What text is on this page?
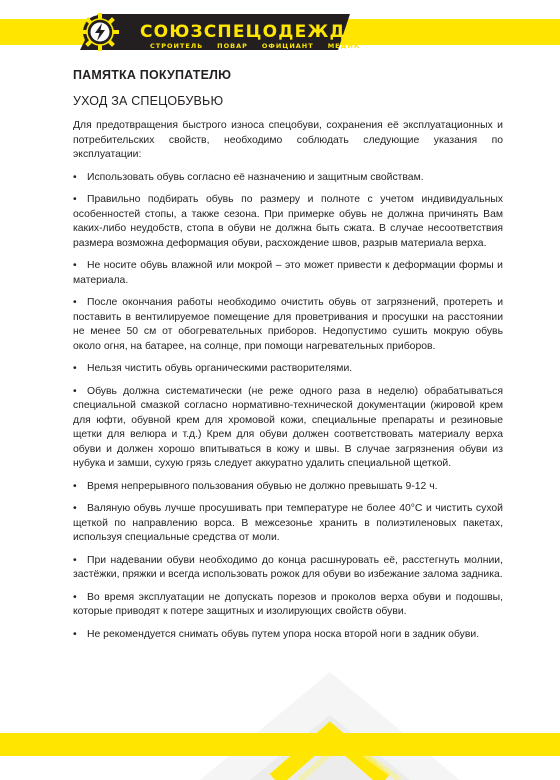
СОЮЗСПЕЦОДЕЖДА
СТРОИТЕЛЬ ПОВАР ОФИЦИАНТ МЕДИК
ПАМЯТКА ПОКУПАТЕЛЮ
УХОД ЗА СПЕЦОБУВЬЮ

Для предотвращения быстрого износа спецобуви, сохранения её эксплуатационных и потребительских свойств, необходимо соблюдать следующие указания по эксплуатации:

• Использовать обувь согласно её назначению и защитным свойствам.
• Правильно подбирать обувь по размеру и полноте с учетом индивидуальных особенностей стопы, а также сезона. При примерке обувь не должна причинять Вам каких-либо неудобств, стопа в обуви не должна быть сжата. В случае несоответствия размера возможна деформация обуви, расхождение швов, разрыв материала верха.
• Не носите обувь влажной или мокрой – это может привести к деформации формы и материала.
• После окончания работы необходимо очистить обувь от загрязнений, протереть и поставить в вентилируемое помещение для проветривания и просушки на расстоянии не менее 50 см от обогревательных приборов. Недопустимо сушить мокрую обувь около огня, на батарее, на солнце, при помощи нагревательных приборов.
• Нельзя чистить обувь органическими растворителями.
• Обувь должна систематически (не реже одного раза в неделю) обрабатываться специальной смазкой согласно нормативно-технической документации (жировой крем для юфти, обувной крем для хромовой кожи, специальные препараты и резиновые щетки для велюра и т.д.) Крем для обуви должен соответствовать материалу верха обуви и должен хорошо впитываться в кожу и швы. В случае загрязнения обуви из нубука и замши, сухую грязь следует аккуратно удалить специальной щеткой.
• Время непрерывного пользования обувью не должно превышать 9-12 ч.
• Валяную обувь лучше просушивать при температуре не более 40°С и чистить сухой щеткой по направлению ворса. В межсезонье хранить в полиэтиленовых пакетах, используя специальные средства от моли.
• При надевании обуви необходимо до конца расшнуровать её, расстегнуть молнии, застёжки, пряжки и всегда использовать рожок для обуви во избежание залома задника.
• Во время эксплуатации не допускать порезов и проколов верха обуви и подошвы, которые приводят к потере защитных и изолирующих свойств обуви.
• Не рекомендуется снимать обувь путем упора носка второй ноги в задник обуви.
